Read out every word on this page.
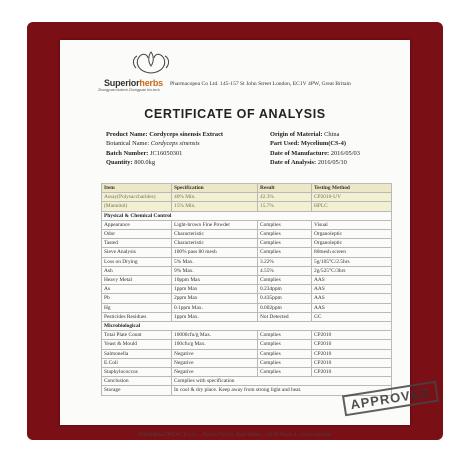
Superiorherbs
Zhongyuan biotech Zhongyuan bio-tech
Pharmacopea Co Ltd. 145-157 St John Street London, EC1V 4PW, Great Britain
CERTIFICATE OF ANALYSIS
Product Name: Cordyceps sinensis Extract
Botanical Name: Cordyceps sinensis
Batch Number: JC16050301
Quantity: 800.0kg
Origin of Material: China
Part Used: Mycelium(CS-4)
Date of Manufacture: 2016/05/03
Date of Analysis: 2016/05/10
Item	Specification	Result	Testing Method
Assay(Polysaccharides)	40% Min.	42.3%	CP2010-UV
(Mannitol)	15% Min.	15.7%	HPLC
Physical & Chemical Control			
Appearance	Light-brown Fine Powder	Complies	Visual
Odor	Characteristic	Complies	Organoleptic
Tasted	Characteristic	Complies	Organoleptic
Sieve Analysis	100% pass 80 mesh	Complies	80mesh screen
Loss on Drying	5% Max.	3.22%	5g/105°C/2.5hrs
Ash	9% Max.	4.55%	2g/525°C/3hrs
Heavy Metal	10ppm Max	Complies	AAS
As	1ppm Max	0.234ppm	AAS
Pb	2ppm Max	0.435ppm	AAS
Hg	0.1ppm Max.	0.002ppm	AAS
Pesticides Residues	1ppm Max.	Not Detected	GC
Microbiological			
Total Plate Count	10000cfu/g Max.	Complies	CP2010
Yeast & Mould	100cfu/g Max.	Complies	CP2010
Salmonella	Negative	Complies	CP2010
E.Coli	Negative	Complies	CP2010
Staphylococcus	Negative	Complies	CP2010
Conclusion	Complies with specification		
Storage	In cool & dry place. Keep away from strong light and heat.			APPROVED
PHARMACOPEA CZ s.r.o. , Rybná 716/24, Staré Město, 110 00 Praha 1, Czech republic
